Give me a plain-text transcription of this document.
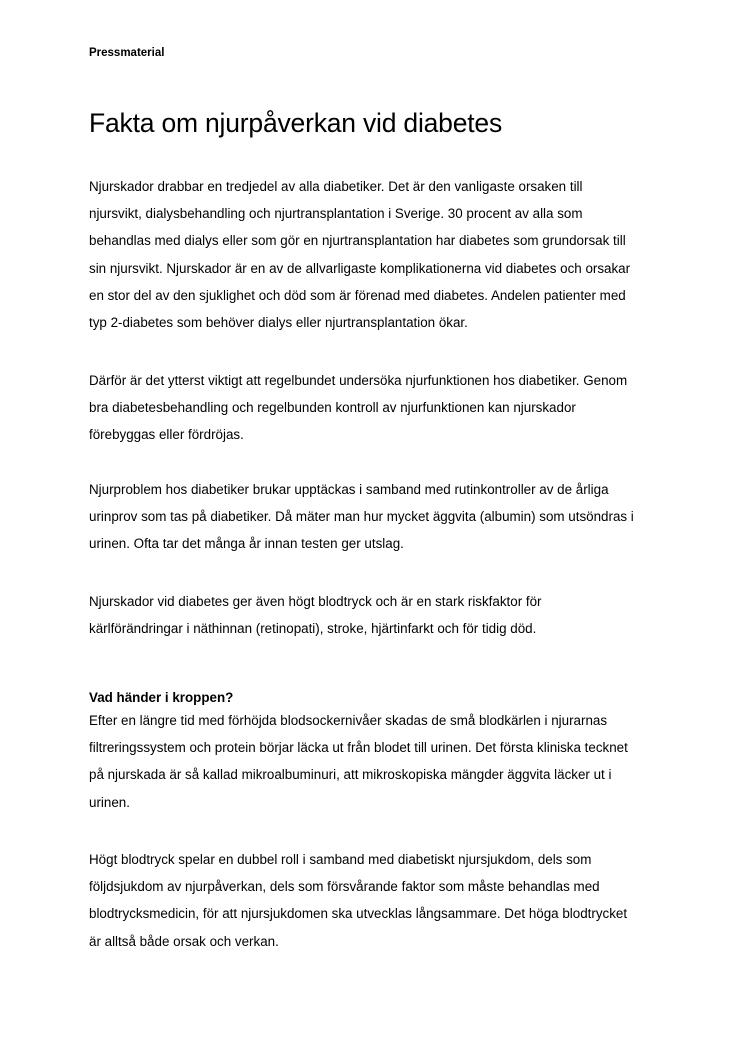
Pressmaterial

Fakta om njurpåverkan vid diabetes

Njurskador drabbar en tredjedel av alla diabetiker. Det är den vanligaste orsaken till
njursvikt, dialysbehandling och njurtransplantation i Sverige. 30 procent av alla som
behandlas med dialys eller som gör en njurtransplantation har diabetes som grundorsak till
sin njursvikt. Njurskador är en av de allvarligaste komplikationerna vid diabetes och orsakar
en stor del av den sjuklighet och död som är förenad med diabetes. Andelen patienter med
typ 2-diabetes som behöver dialys eller njurtransplantation ökar.

Därför är det ytterst viktigt att regelbundet undersöka njurfunktionen hos diabetiker. Genom
bra diabetesbehandling och regelbunden kontroll av njurfunktionen kan njurskador
förebyggas eller fördröjas.

Njurproblem hos diabetiker brukar upptäckas i samband med rutinkontroller av de årliga
urinprov som tas på diabetiker. Då mäter man hur mycket äggvita (albumin) som utsöndras i
urinen. Ofta tar det många år innan testen ger utslag.

Njurskador vid diabetes ger även högt blodtryck och är en stark riskfaktor för
kärlförändringar i näthinnan (retinopati), stroke, hjärtinfarkt och för tidig död.

Vad händer i kroppen?

Efter en längre tid med förhöjda blodsockernivåer skadas de små blodkärlen i njurarnas
filtreringssystem och protein börjar läcka ut från blodet till urinen. Det första kliniska tecknet
på njurskada är så kallad mikroalbuminuri, att mikroskopiska mängder äggvita läcker ut i
urinen.

Högt blodtryck spelar en dubbel roll i samband med diabetiskt njursjukdom, dels som
följdsjukdom av njurpåverkan, dels som försvårande faktor som måste behandlas med
blodtrycksmedicin, för att njursjukdomen ska utvecklas långsammare. Det höga blodtrycket
är alltså både orsak och verkan.
